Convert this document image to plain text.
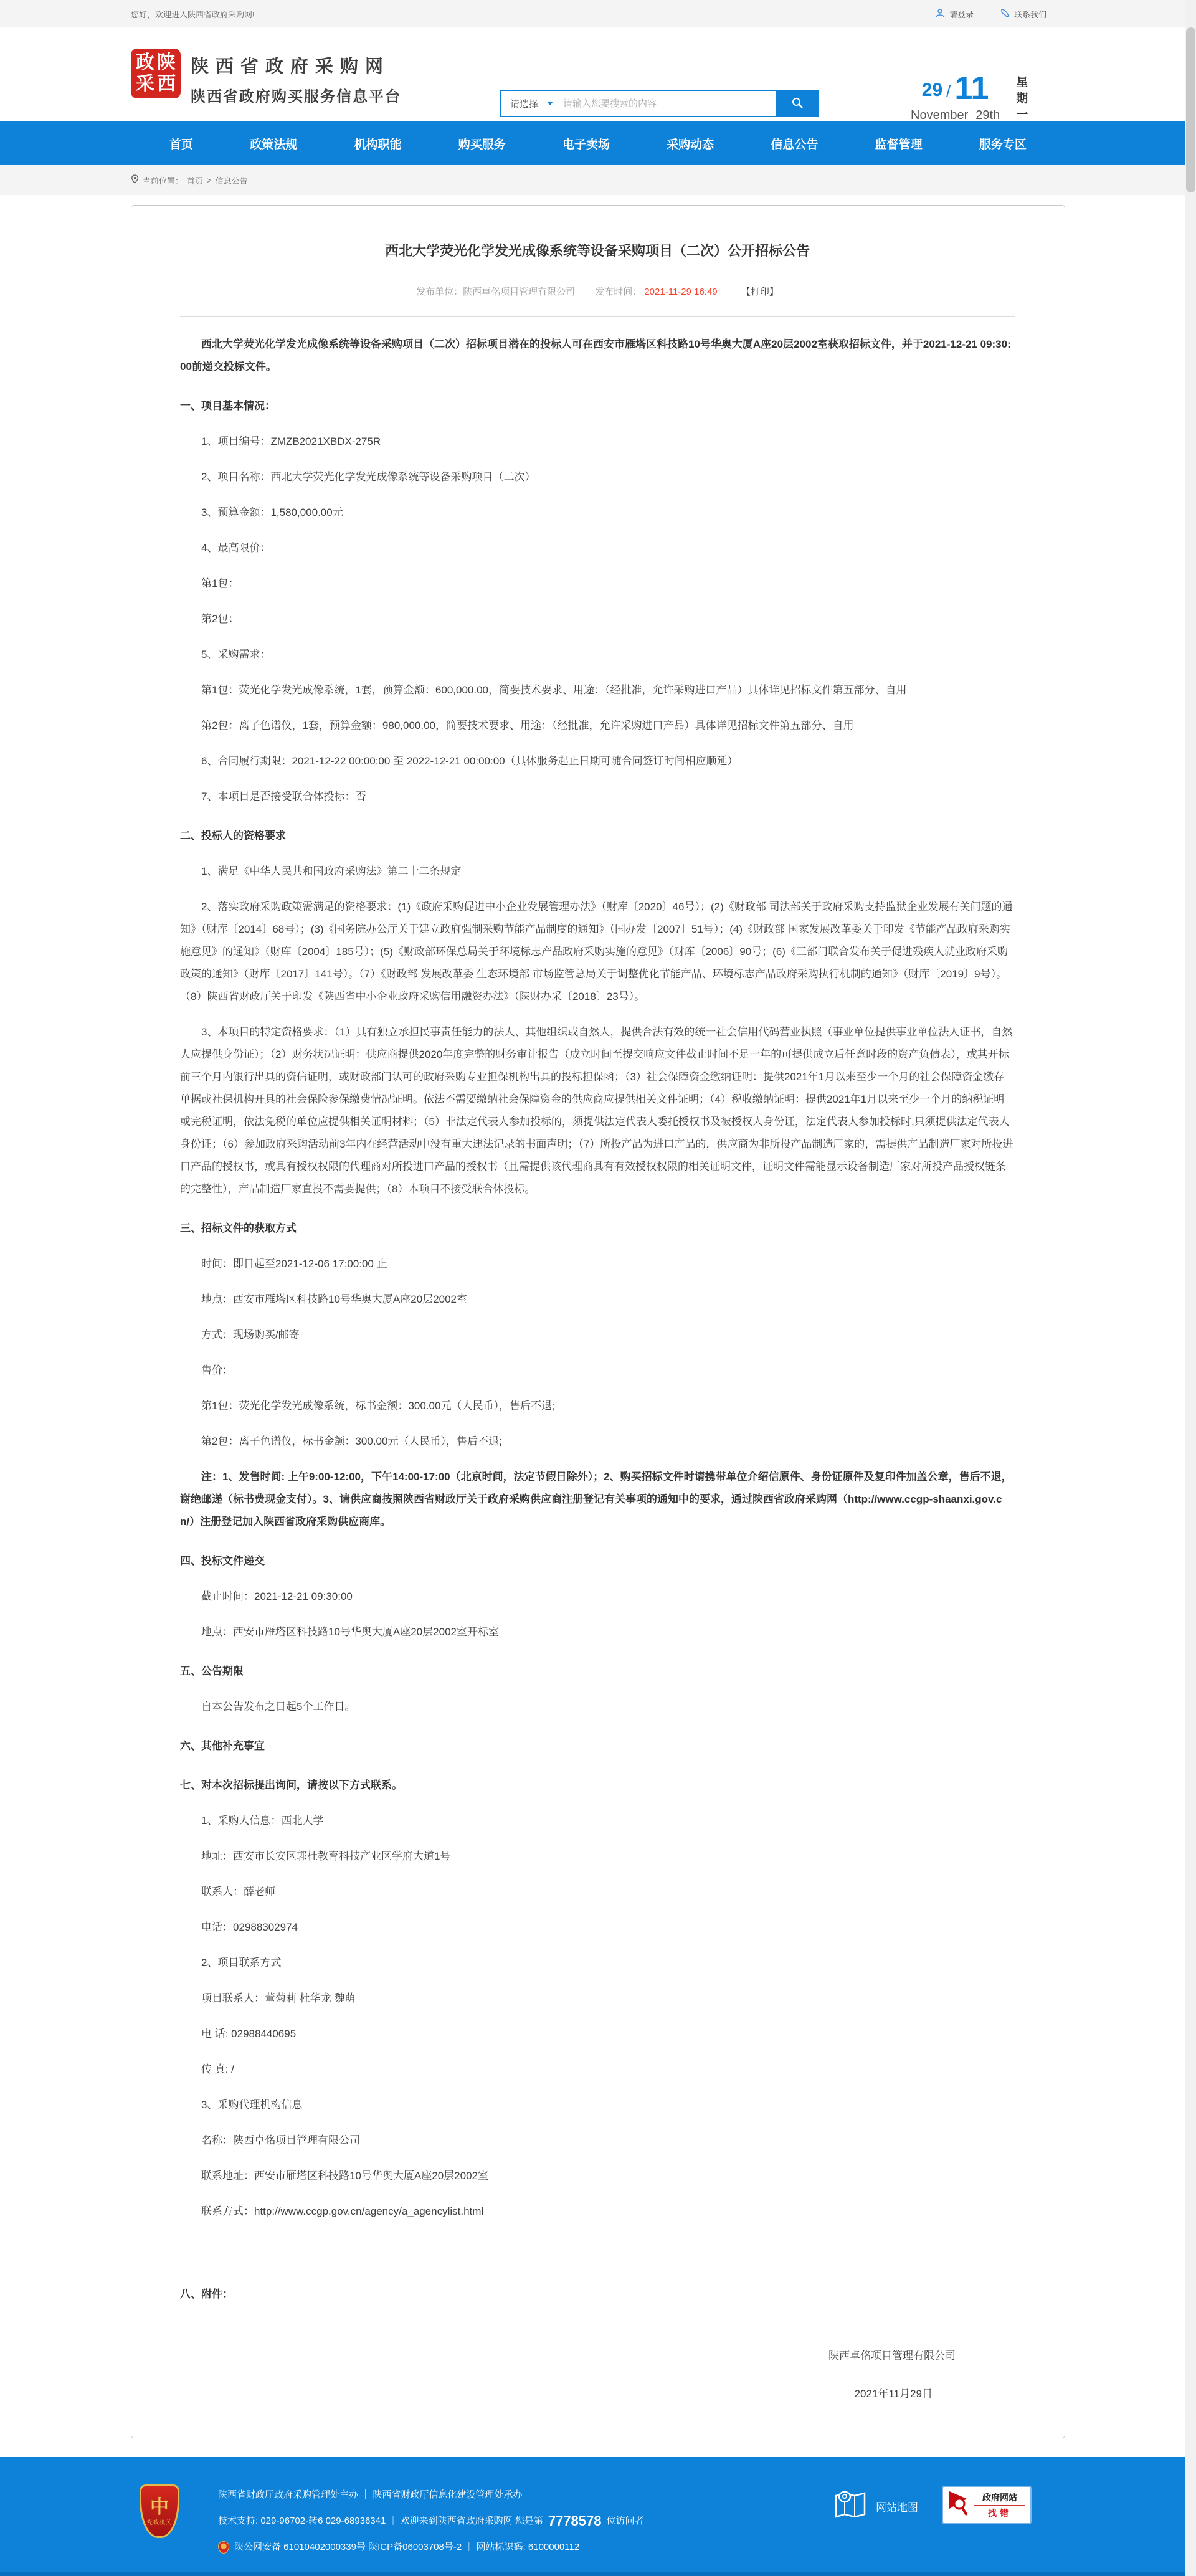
您好，欢迎进入陕西省政府采购网!	请登录	联系我们
政 陕
采 西
陕西省政府采购网
陕西省政府购买服务信息平台	请选择
请输入您要搜索的内容
29 / 11
November 29th
星
期
一
首页	政策法规	机构职能	购买服务	电子卖场	采购动态	信息公告	监督管理	服务专区
当前位置： 首页 > 信息公告
西北大学荧光化学发光成像系统等设备采购项目（二次）公开招标公告
发布单位：陕西卓佲项目管理有限公司 发布时间： 2021-11-29 16:49	【打印】
西北大学荧光化学发光成像系统等设备采购项目（二次）招标项目潜在的投标人可在西安市雁塔区科技路10号华奥大厦A座20层2002室获取招标文件，并于2021-12-21 09:30:00前递交投标文件。
一、项目基本情况：
1、项目编号：ZMZB2021XBDX-275R
2、项目名称：西北大学荧光化学发光成像系统等设备采购项目（二次）
3、预算金额：1,580,000.00元
4、最高限价：
第1包：
第2包：
5、采购需求：
第1包：荧光化学发光成像系统，1套，预算金额：600,000.00，简要技术要求、用途：（经批准，允许采购进口产品）具体详见招标文件第五部分、自用
第2包：离子色谱仪，1套，预算金额：980,000.00，简要技术要求、用途：（经批准，允许采购进口产品）具体详见招标文件第五部分、自用
6、合同履行期限：2021-12-22 00:00:00 至 2022-12-21 00:00:00（具体服务起止日期可随合同签订时间相应顺延）
7、本项目是否接受联合体投标：否
二、投标人的资格要求
1、满足《中华人民共和国政府采购法》第二十二条规定
2、落实政府采购政策需满足的资格要求：(1)《政府采购促进中小企业发展管理办法》（财库〔2020〕46号）；(2)《财政部 司法部关于政府采购支持监狱企业发展有关问题的通知》（财库〔2014〕68号）；(3)《国务院办公厅关于建立政府强制采购节能产品制度的通知》（国办发〔2007〕51号）；(4)《财政部 国家发展改革委关于印发《节能产品政府采购实施意见》的通知》（财库〔2004〕185号）；(5)《财政部环保总局关于环境标志产品政府采购实施的意见》（财库〔2006〕90号；(6)《三部门联合发布关于促进残疾人就业政府采购政策的通知》（财库〔2017〕141号）。（7）《财政部 发展改革委 生态环境部 市场监管总局关于调整优化节能产品、环境标志产品政府采购执行机制的通知》（财库〔2019〕9号）。（8）陕西省财政厅关于印发《陕西省中小企业政府采购信用融资办法》（陕财办采〔2018〕23号）。
3、本项目的特定资格要求：（1）具有独立承担民事责任能力的法人、其他组织或自然人，提供合法有效的统一社会信用代码营业执照（事业单位提供事业单位法人证书，自然人应提供身份证）；（2）财务状况证明：供应商提供2020年度完整的财务审计报告（成立时间至提交响应文件截止时间不足一年的可提供成立后任意时段的资产负债表），或其开标前三个月内银行出具的资信证明，或财政部门认可的政府采购专业担保机构出具的投标担保函；（3）社会保障资金缴纳证明：提供2021年1月以来至少一个月的社会保障资金缴存单据或社保机构开具的社会保险参保缴费情况证明。依法不需要缴纳社会保障资金的供应商应提供相关文件证明；（4）税收缴纳证明：提供2021年1月以来至少一个月的纳税证明或完税证明，依法免税的单位应提供相关证明材料；（5）非法定代表人参加投标的，须提供法定代表人委托授权书及被授权人身份证，法定代表人参加投标时,只须提供法定代表人身份证；（6）参加政府采购活动前3年内在经营活动中没有重大违法记录的书面声明；（7）所投产品为进口产品的，供应商为非所投产品制造厂家的，需提供产品制造厂家对所投进口产品的授权书，或具有授权权限的代理商对所投进口产品的授权书（且需提供该代理商具有有效授权权限的相关证明文件，证明文件需能显示设备制造厂家对所投产品授权链条的完整性），产品制造厂家直投不需要提供；（8）本项目不接受联合体投标。
三、招标文件的获取方式
时间：即日起至2021-12-06 17:00:00 止
地点：西安市雁塔区科技路10号华奥大厦A座20层2002室
方式：现场购买/邮寄
售价：
第1包：荧光化学发光成像系统，标书金额：300.00元（人民币），售后不退;
第2包：离子色谱仪，标书金额：300.00元（人民币），售后不退;
注：1、发售时间: 上午9:00-12:00，下午14:00-17:00（北京时间，法定节假日除外）；2、购买招标文件时请携带单位介绍信原件、身份证原件及复印件加盖公章，售后不退，谢绝邮递（标书费现金支付）。3、请供应商按照陕西省财政厅关于政府采购供应商注册登记有关事项的通知中的要求，通过陕西省政府采购网（http://www.ccgp-shaanxi.gov.cn/）注册登记加入陕西省政府采购供应商库。
四、投标文件递交
截止时间：2021-12-21 09:30:00
地点：西安市雁塔区科技路10号华奥大厦A座20层2002室开标室
五、公告期限
自本公告发布之日起5个工作日。
六、其他补充事宜
七、对本次招标提出询问，请按以下方式联系。
1、采购人信息：西北大学
地址：西安市长安区郭杜教育科技产业区学府大道1号
联系人：薛老师
电话：02988302974
2、项目联系方式
项目联系人：董菊莉 杜华龙 魏萌
电 话: 02988440695
传 真: /
3、采购代理机构信息
名称：陕西卓佲项目管理有限公司
联系地址：西安市雁塔区科技路10号华奥大厦A座20层2002室
联系方式：http://www.ccgp.gov.cn/agency/a_agencylist.html
八、附件：
陕西卓佲项目管理有限公司
2021年11月29日
中
党政机关
陕西省财政厅政府采购管理处主办 ｜ 陕西省财政厅信息化建设管理处承办
技术支持: 029-96702-转6 029-68936341 ｜ 欢迎来到陕西省政府采购网 您是第 7778578 位访问者
陕公网安备 61010402000339号 陕ICP备06003708号-2 ｜ 网站标识码: 6100000112
网站地图
政府网站
找错
